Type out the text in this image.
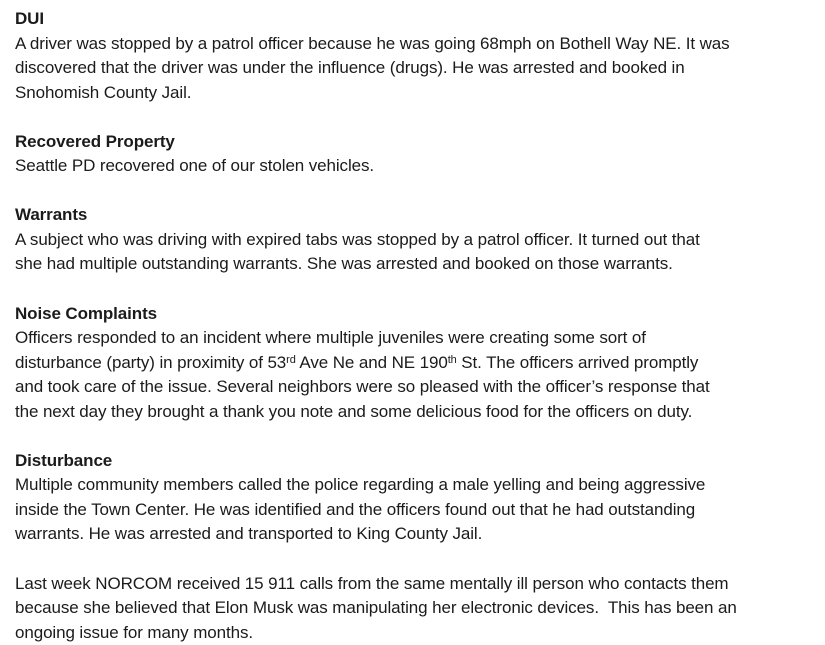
DUI
A driver was stopped by a patrol officer because he was going 68mph on Bothell Way NE. It was
discovered that the driver was under the influence (drugs). He was arrested and booked in
Snohomish County Jail.
Recovered Property
Seattle PD recovered one of our stolen vehicles.
Warrants
A subject who was driving with expired tabs was stopped by a patrol officer. It turned out that
she had multiple outstanding warrants. She was arrested and booked on those warrants.
Noise Complaints
Officers responded to an incident where multiple juveniles were creating some sort of
disturbance (party) in proximity of 53rd Ave Ne and NE 190th St. The officers arrived promptly
and took care of the issue. Several neighbors were so pleased with the officer’s response that
the next day they brought a thank you note and some delicious food for the officers on duty.
Disturbance
Multiple community members called the police regarding a male yelling and being aggressive
inside the Town Center. He was identified and the officers found out that he had outstanding
warrants. He was arrested and transported to King County Jail.
Last week NORCOM received 15 911 calls from the same mentally ill person who contacts them
because she believed that Elon Musk was manipulating her electronic devices.  This has been an
ongoing issue for many months.
